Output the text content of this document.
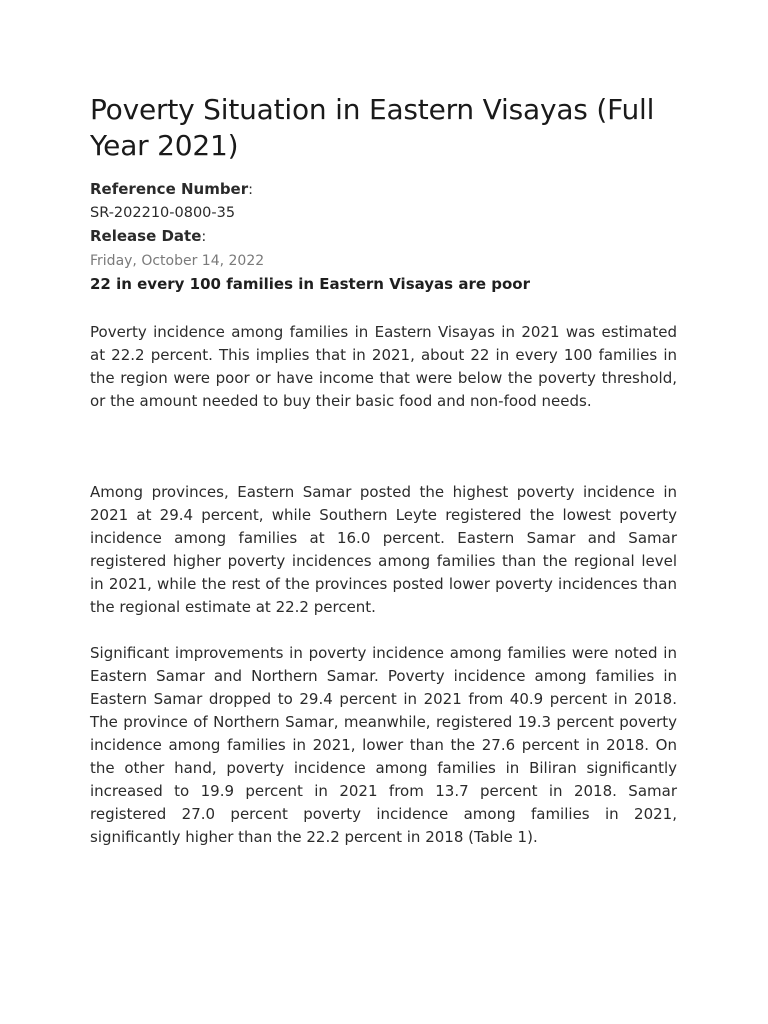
Poverty Situation in Eastern Visayas (Full Year 2021)
Reference Number:
SR-202210-0800-35
Release Date:
Friday, October 14, 2022

22 in every 100 families in Eastern Visayas are poor

Poverty incidence among families in Eastern Visayas in 2021 was estimated at 22.2 percent. This implies that in 2021, about 22 in every 100 families in the region were poor or have income that were below the poverty threshold, or the amount needed to buy their basic food and non-food needs.

Among provinces, Eastern Samar posted the highest poverty incidence in 2021 at 29.4 percent, while Southern Leyte registered the lowest poverty incidence among families at 16.0 percent. Eastern Samar and Samar registered higher poverty incidences among families than the regional level in 2021, while the rest of the provinces posted lower poverty incidences than the regional estimate at 22.2 percent.

Significant improvements in poverty incidence among families were noted in Eastern Samar and Northern Samar. Poverty incidence among families in Eastern Samar dropped to 29.4 percent in 2021 from 40.9 percent in 2018. The province of Northern Samar, meanwhile, registered 19.3 percent poverty incidence among families in 2021, lower than the 27.6 percent in 2018. On the other hand, poverty incidence among families in Biliran significantly increased to 19.9 percent in 2021 from 13.7 percent in 2018. Samar registered 27.0 percent poverty incidence among families in 2021, significantly higher than the 22.2 percent in 2018 (Table 1).
